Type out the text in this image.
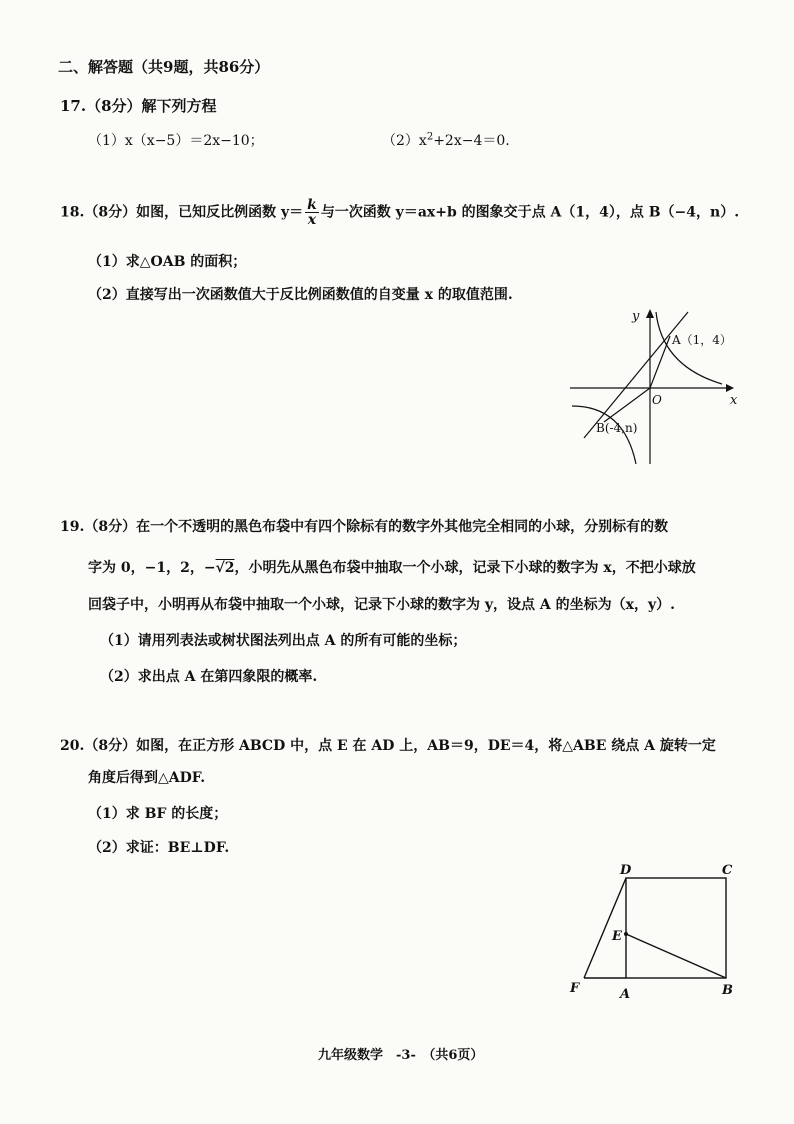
二、解答题（共9题，共86分）
17.（8分）解下列方程
（1）x（x−5）＝2x−10；	$(2)x^2+2x-4=0$.
18.（8分）如图，已知反比例函数 $y= \frac{k}{x}$ 与一次函数 y＝ax+b 的图象交于点 A（1，4），点 B（−4，n）.
（1）求△OAB 的面积；
（2）直接写出一次函数值大于反比例函数值的自变量 x 的取值范围.
y
x
O
A（1，4）
B(-4,n)
19.（8分）在一个不透明的黑色布袋中有四个除标有的数字外其他完全相同的小球，分别标有的数
字为 0，−1，2，−√2，小明先从黑色布袋中抽取一个小球，记录下小球的数字为 x，不把小球放
回袋子中，小明再从布袋中抽取一个小球，记录下小球的数字为 y，设点 A 的坐标为（x，y）.
（1）请用列表法或树状图法列出点 A 的所有可能的坐标；
（2）求出点 A 在第四象限的概率.
20.（8分）如图，在正方形 ABCD 中，点 E 在 AD 上，AB＝9，DE＝4，将△ABE 绕点 A 旋转一定
角度后得到△ADF.
（1）求 BF 的长度；
（2）求证：BE⊥DF.
D	C
E
F	A	B
九年级数学　-3-　（共6页）
